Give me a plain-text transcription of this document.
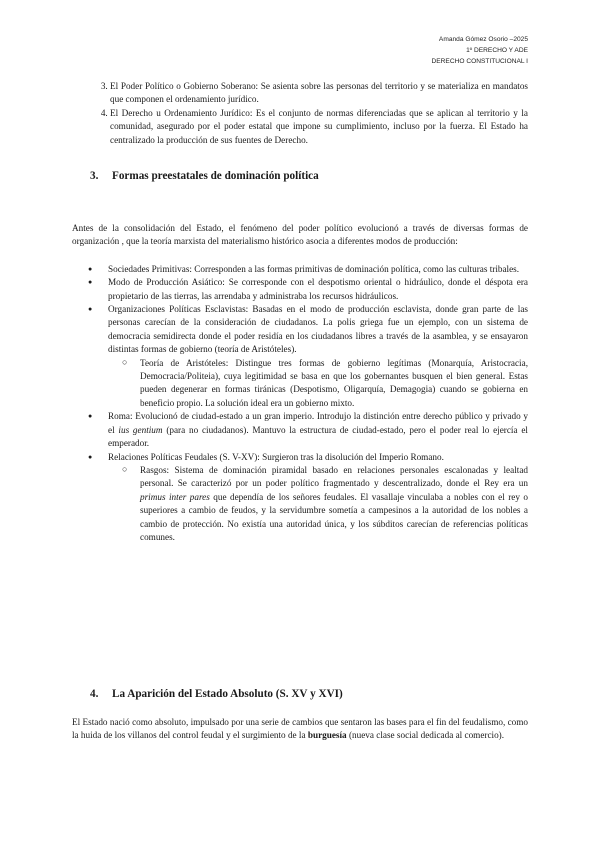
Amanda Gómez Osorio –2025
1º DERECHO Y ADE
DERECHO CONSTITUCIONAL I
3. El Poder Político o Gobierno Soberano: Se asienta sobre las personas del territorio y se materializa en mandatos que componen el ordenamiento jurídico.
4. El Derecho u Ordenamiento Jurídico: Es el conjunto de normas diferenciadas que se aplican al territorio y la comunidad, asegurado por el poder estatal que impone su cumplimiento, incluso por la fuerza. El Estado ha centralizado la producción de sus fuentes de Derecho.
3. Formas preestatales de dominación política

Antes de la consolidación del Estado, el fenómeno del poder político evolucionó a través de diversas formas de organización , que la teoría marxista del materialismo histórico asocia a diferentes modos de producción:

● Sociedades Primitivas: Corresponden a las formas primitivas de dominación política, como las culturas tribales.
● Modo de Producción Asiático: Se corresponde con el despotismo oriental o hidráulico, donde el déspota era propietario de las tierras, las arrendaba y administraba los recursos hidráulicos.
● Organizaciones Políticas Esclavistas: Basadas en el modo de producción esclavista, donde gran parte de las personas carecían de la consideración de ciudadanos. La polis griega fue un ejemplo, con un sistema de democracia semidirecta donde el poder residía en los ciudadanos libres a través de la asamblea, y se ensayaron distintas formas de gobierno (teoría de Aristóteles).
○ Teoría de Aristóteles: Distingue tres formas de gobierno legítimas (Monarquía, Aristocracia, Democracia/Politeia), cuya legitimidad se basa en que los gobernantes busquen el bien general. Estas pueden degenerar en formas tiránicas (Despotismo, Oligarquía, Demagogia) cuando se gobierna en beneficio propio. La solución ideal era un gobierno mixto.
● Roma: Evolucionó de ciudad-estado a un gran imperio. Introdujo la distinción entre derecho público y privado y el ius gentium (para no ciudadanos). Mantuvo la estructura de ciudad-estado, pero el poder real lo ejercía el emperador.
● Relaciones Políticas Feudales (S. V-XV): Surgieron tras la disolución del Imperio Romano.
○ Rasgos: Sistema de dominación piramidal basado en relaciones personales escalonadas y lealtad personal. Se caracterizó por un poder político fragmentado y descentralizado, donde el Rey era un primus inter pares que dependía de los señores feudales. El vasallaje vinculaba a nobles con el rey o superiores a cambio de feudos, y la servidumbre sometía a campesinos a la autoridad de los nobles a cambio de protección. No existía una autoridad única, y los súbditos carecían de referencias políticas comunes.
4. La Aparición del Estado Absoluto (S. XV y XVI)

El Estado nació como absoluto, impulsado por una serie de cambios que sentaron las bases para el fin del feudalismo, como la huida de los villanos del control feudal y el surgimiento de la burguesía (nueva clase social dedicada al comercio).
